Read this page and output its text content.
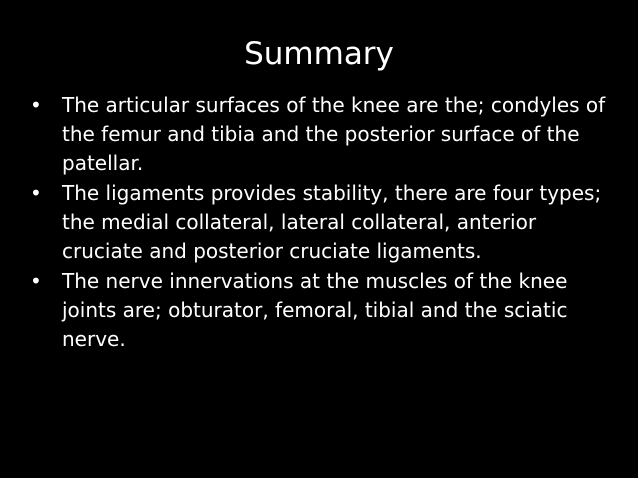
Summary
• The articular surfaces of the knee are the; condyles of the femur and tibia and the posterior surface of the patellar.
• The ligaments provides stability, there are four types; the medial collateral, lateral collateral, anterior cruciate and posterior cruciate ligaments.
• The nerve innervations at the muscles of the knee joints are; obturator, femoral, tibial and the sciatic nerve.
